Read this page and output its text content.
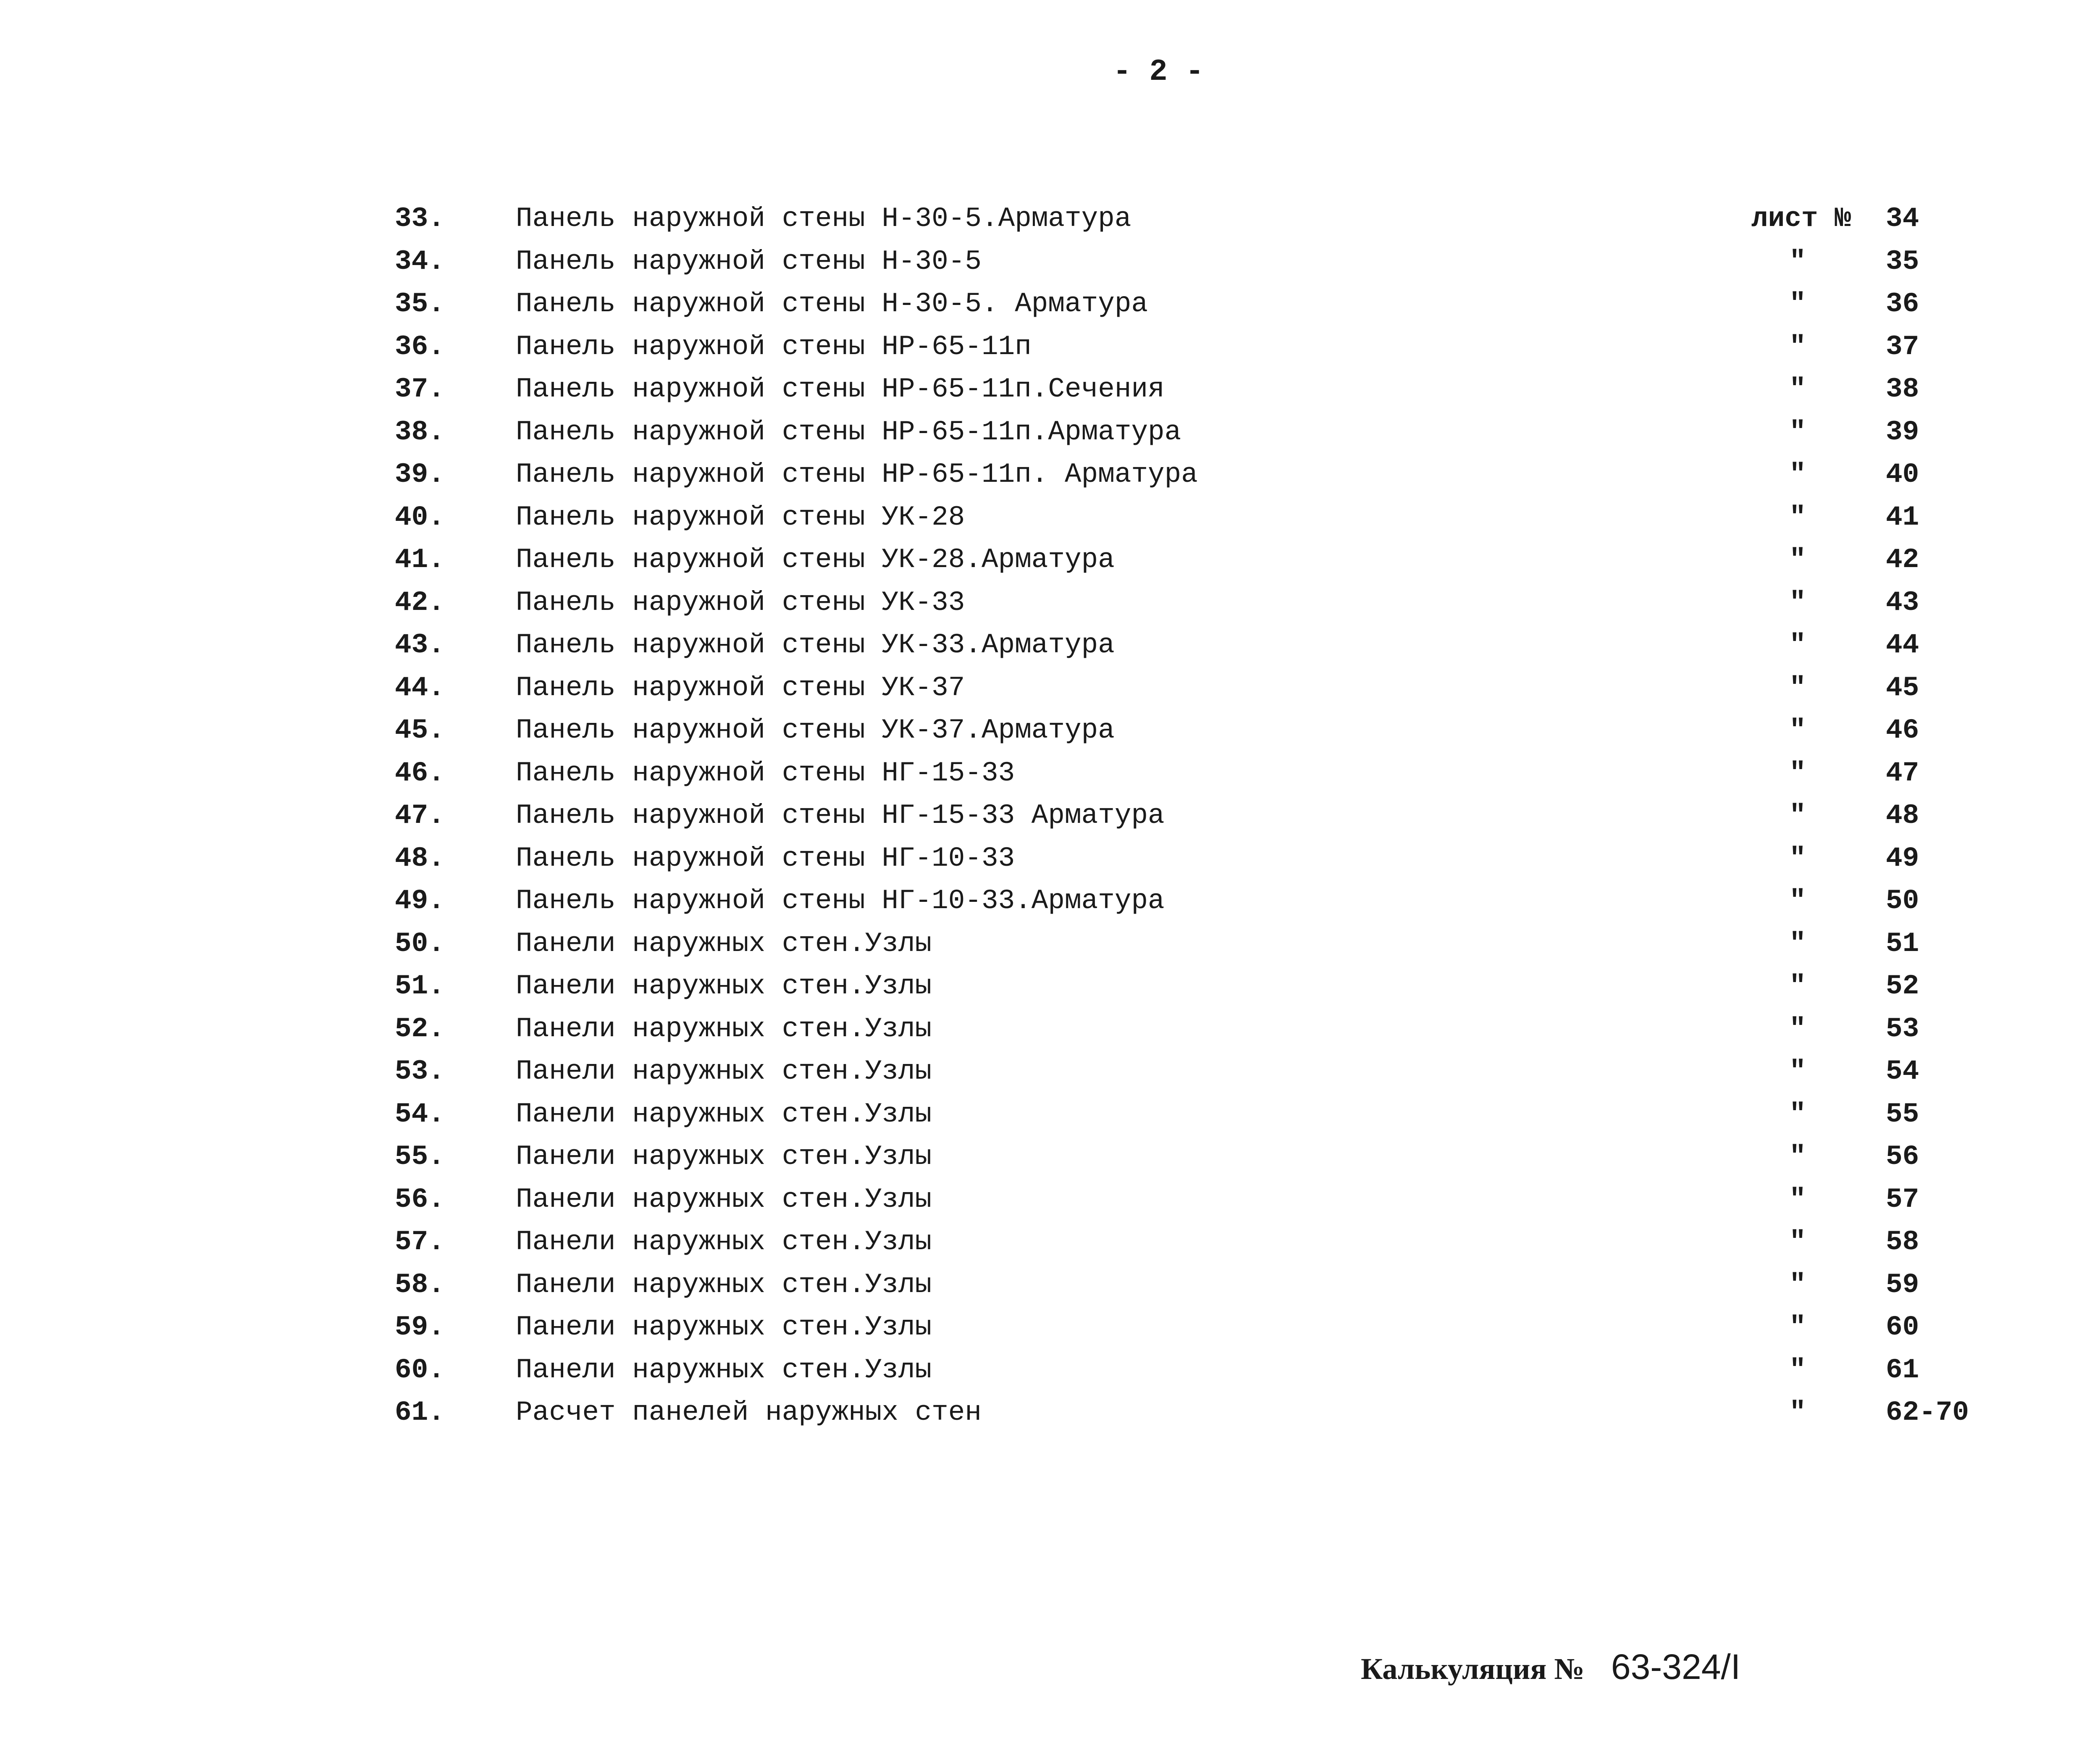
- 2 -
33.	Панель наружной стены Н-30-5.Арматура	лист № 34
34.	Панель наружной стены Н-30-5	"	35
35.	Панель наружной стены Н-30-5. Арматура	"	36
36.	Панель наружной стены НР-65-11п	"	37
37.	Панель наружной стены НР-65-11п.Сечения	"	38
38.	Панель наружной стены НР-65-11п.Арматура	"	39
39.	Панель наружной стены НР-65-11п. Арматура	"	40
40.	Панель наружной стены УК-28	"	41
41.	Панель наружной стены УК-28.Арматура	"	42
42.	Панель наружной стены УК-33	"	43
43.	Панель наружной стены УК-33.Арматура	"	44
44.	Панель наружной стены УК-37	"	45
45.	Панель наружной стены УК-37.Арматура	"	46
46.	Панель наружной стены НГ-15-33	"	47
47.	Панель наружной стены НГ-15-33 Арматура	"	48
48.	Панель наружной стены НГ-10-33	"	49
49.	Панель наружной стены НГ-10-33.Арматура	"	50
50.	Панели наружных стен.Узлы	"	51
51.	Панели наружных стен.Узлы	"	52
52.	Панели наружных стен.Узлы	"	53
53.	Панели наружных стен.Узлы	"	54
54.	Панели наружных стен.Узлы	"	55
55.	Панели наружных стен.Узлы	"	56
56.	Панели наружных стен.Узлы	"	57
57.	Панели наружных стен.Узлы	"	58
58.	Панели наружных стен.Узлы	"	59
59.	Панели наружных стен.Узлы	"	60
60.	Панели наружных стен.Узлы	"	61
61.	Расчет панелей наружных стен	"	62-70
Калькуляция № 63-324/I
